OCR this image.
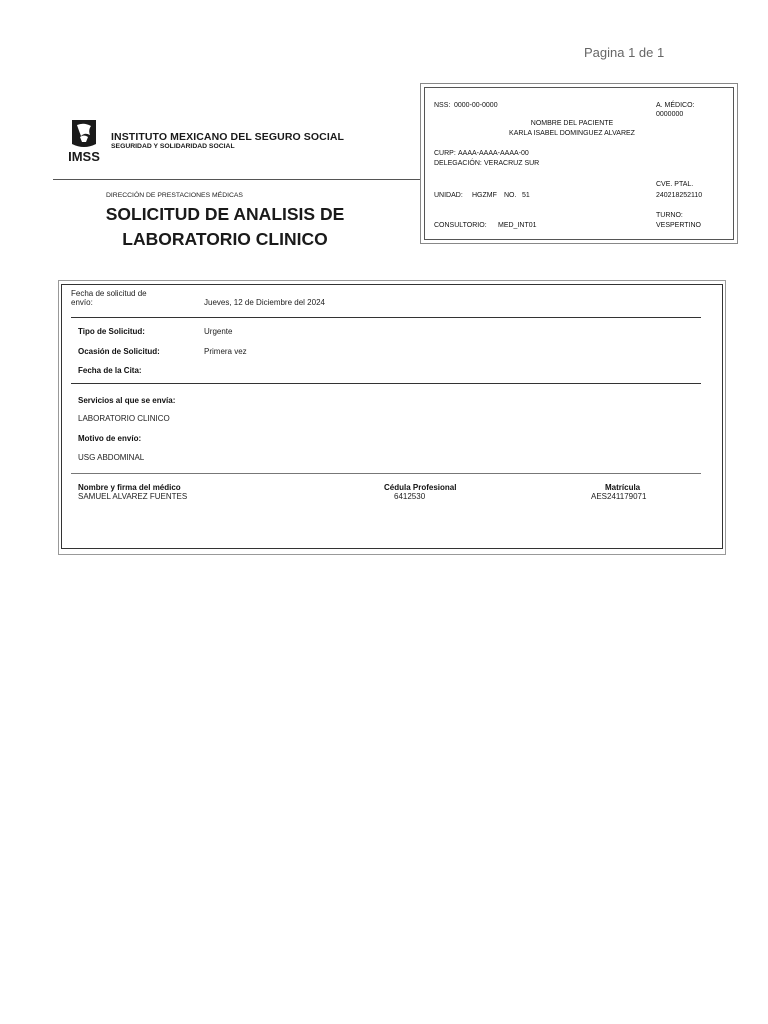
Pagina 1 de 1
IMSS
INSTITUTO MEXICANO DEL SEGURO SOCIAL
SEGURIDAD Y SOLIDARIDAD SOCIAL
DIRECCIÓN DE PRESTACIONES MÉDICAS
SOLICITUD DE ANALISIS DE
LABORATORIO CLINICO
NSS: 0000-00-0000	A. MÉDICO:
0000000
NOMBRE DEL PACIENTE
KARLA ISABEL DOMINGUEZ ALVAREZ
CURP: AAAA-AAAA-AAAA-00
DELEGACIÓN: VERACRUZ SUR
CVE. PTAL.
240218252110
UNIDAD: HGZMF NO. 51
TURNO:
VESPERTINO
CONSULTORIO: MED_INT01
Fecha de solicitud de
envío:	Jueves, 12 de Diciembre del 2024
Tipo de Solicitud:	Urgente
Ocasión de Solicitud:	Primera vez
Fecha de la Cita:
Servicios al que se envía:
LABORATORIO CLINICO
Motivo de envío:
USG ABDOMINAL
Nombre y firma del médico
SAMUEL ALVAREZ FUENTES
Cédula Profesional
6412530
Matrícula
AES241179071
